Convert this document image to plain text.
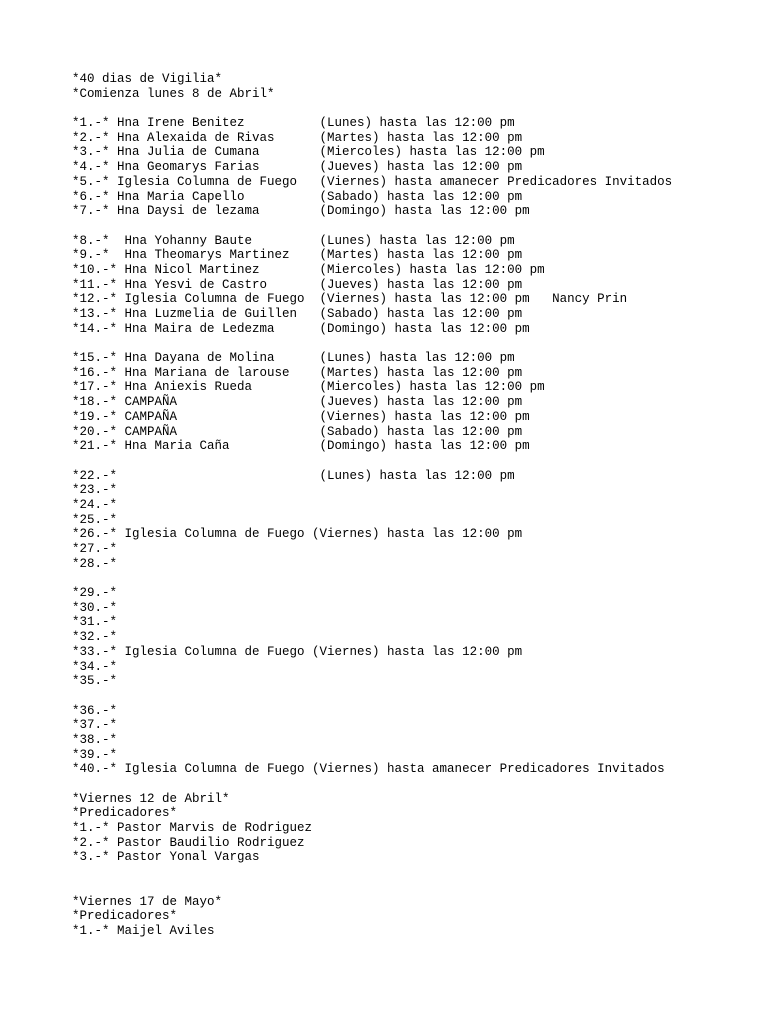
*40 dias de Vigilia*
*Comienza lunes 8 de Abril*
*1.-* Hna Irene Benitez          (Lunes) hasta las 12:00 pm
*2.-* Hna Alexaida de Rivas      (Martes) hasta las 12:00 pm
*3.-* Hna Julia de Cumana        (Miercoles) hasta las 12:00 pm
*4.-* Hna Geomarys Farias        (Jueves) hasta las 12:00 pm
*5.-* Iglesia Columna de Fuego   (Viernes) hasta amanecer Predicadores Invitados
*6.-* Hna Maria Capello          (Sabado) hasta las 12:00 pm
*7.-* Hna Daysi de lezama        (Domingo) hasta las 12:00 pm
*8.-*  Hna Yohanny Baute         (Lunes) hasta las 12:00 pm
*9.-*  Hna Theomarys Martinez    (Martes) hasta las 12:00 pm
*10.-* Hna Nicol Martinez        (Miercoles) hasta las 12:00 pm
*11.-* Hna Yesvi de Castro       (Jueves) hasta las 12:00 pm
*12.-* Iglesia Columna de Fuego  (Viernes) hasta las 12:00 pm   Nancy Prin
*13.-* Hna Luzmelia de Guillen   (Sabado) hasta las 12:00 pm
*14.-* Hna Maira de Ledezma      (Domingo) hasta las 12:00 pm
*15.-* Hna Dayana de Molina      (Lunes) hasta las 12:00 pm
*16.-* Hna Mariana de larouse    (Martes) hasta las 12:00 pm
*17.-* Hna Aniexis Rueda         (Miercoles) hasta las 12:00 pm
*18.-* CAMPAÑA                   (Jueves) hasta las 12:00 pm
*19.-* CAMPAÑA                   (Viernes) hasta las 12:00 pm
*20.-* CAMPAÑA                   (Sabado) hasta las 12:00 pm
*21.-* Hna Maria Caña            (Domingo) hasta las 12:00 pm
*22.-*                           (Lunes) hasta las 12:00 pm
*23.-*
*24.-*
*25.-*
*26.-* Iglesia Columna de Fuego (Viernes) hasta las 12:00 pm
*27.-*
*28.-*
*29.-*
*30.-*
*31.-*
*32.-*
*33.-* Iglesia Columna de Fuego (Viernes) hasta las 12:00 pm
*34.-*
*35.-*
*36.-*
*37.-*
*38.-*
*39.-*
*40.-* Iglesia Columna de Fuego (Viernes) hasta amanecer Predicadores Invitados
*Viernes 12 de Abril*
*Predicadores*
*1.-* Pastor Marvis de Rodriguez
*2.-* Pastor Baudilio Rodriguez
*3.-* Pastor Yonal Vargas
*Viernes 17 de Mayo*
*Predicadores*
*1.-* Maijel Aviles
